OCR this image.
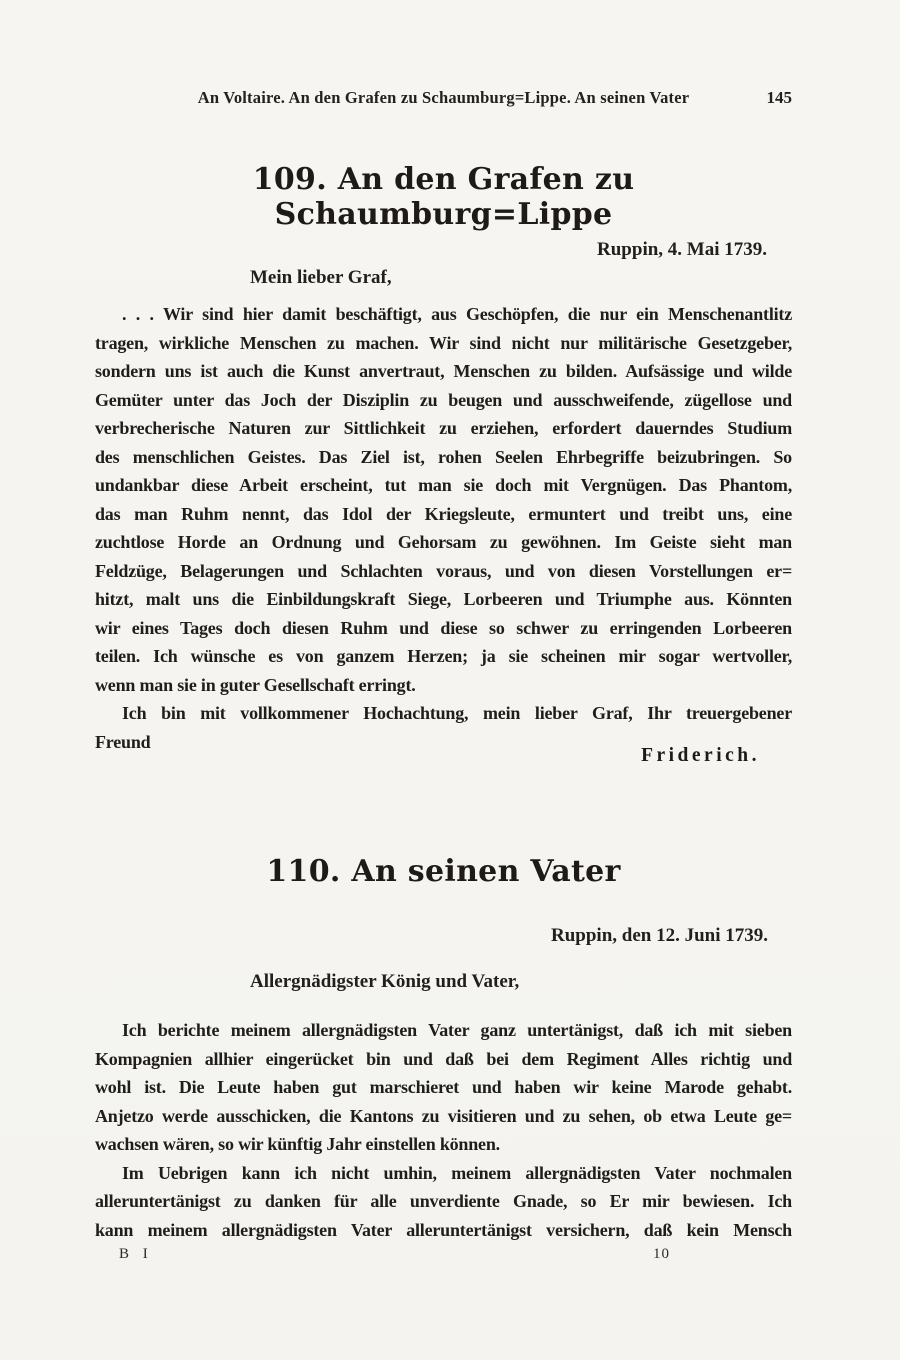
An Voltaire. An den Grafen zu Schaumburg=Lippe. An seinen Vater	145
109. An den Grafen zu Schaumburg=Lippe
Ruppin, 4. Mai 1739.
Mein lieber Graf,
. . . Wir sind hier damit beschäftigt, aus Geschöpfen, die nur ein Menschenantlitz
tragen, wirkliche Menschen zu machen. Wir sind nicht nur militärische Gesetzgeber,
sondern uns ist auch die Kunst anvertraut, Menschen zu bilden. Aufsässige und wilde
Gemüter unter das Joch der Disziplin zu beugen und ausschweifende, zügellose und
verbrecherische Naturen zur Sittlichkeit zu erziehen, erfordert dauerndes Studium
des menschlichen Geistes. Das Ziel ist, rohen Seelen Ehrbegriffe beizubringen. So
undankbar diese Arbeit erscheint, tut man sie doch mit Vergnügen. Das Phantom,
das man Ruhm nennt, das Idol der Kriegsleute, ermuntert und treibt uns, eine
zuchtlose Horde an Ordnung und Gehorsam zu gewöhnen. Im Geiste sieht man
Feldzüge, Belagerungen und Schlachten voraus, und von diesen Vorstellungen er=
hitzt, malt uns die Einbildungskraft Siege, Lorbeeren und Triumphe aus. Könnten
wir eines Tages doch diesen Ruhm und diese so schwer zu erringenden Lorbeeren
teilen. Ich wünsche es von ganzem Herzen; ja sie scheinen mir sogar wertvoller,
wenn man sie in guter Gesellschaft erringt.
Ich bin mit vollkommener Hochachtung, mein lieber Graf, Ihr treuergebener
Freund
Friderich.
110. An seinen Vater
Ruppin, den 12. Juni 1739.
Allergnädigster König und Vater,
Ich berichte meinem allergnädigsten Vater ganz untertänigst, daß ich mit sieben
Kompagnien allhier eingerücket bin und daß bei dem Regiment Alles richtig und
wohl ist. Die Leute haben gut marschieret und haben wir keine Marode gehabt.
Anjetzo werde ausschicken, die Kantons zu visitieren und zu sehen, ob etwa Leute ge=
wachsen wären, so wir künftig Jahr einstellen können.
Im Uebrigen kann ich nicht umhin, meinem allergnädigsten Vater nochmalen
alleruntertänigst zu danken für alle unverdiente Gnade, so Er mir bewiesen. Ich
kann meinem allergnädigsten Vater alleruntertänigst versichern, daß kein Mensch
B I	10
